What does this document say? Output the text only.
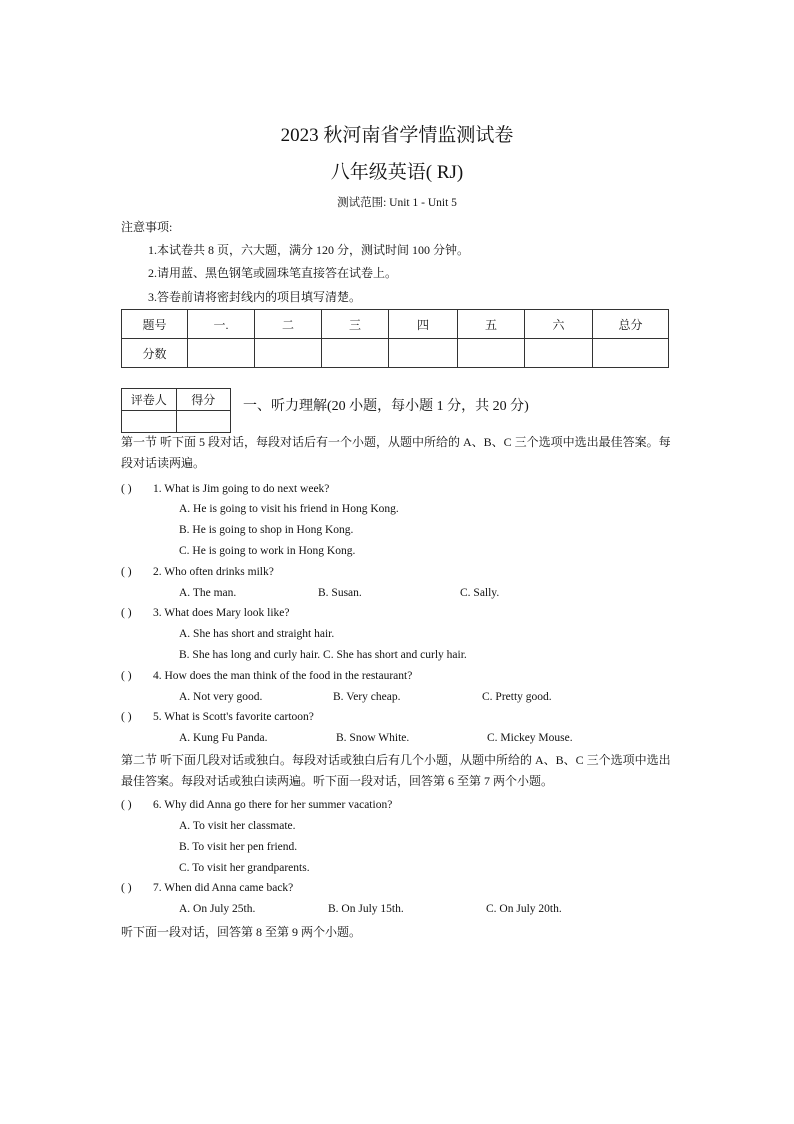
2023 秋河南省学情监测试卷
八年级英语( RJ)
测试范围: Unit 1 - Unit 5
注意事项:
1.本试卷共 8 页，六大题，满分 120 分，测试时间 100 分钟。
2.请用蓝、黑色钢笔或圆珠笔直接答在试卷上。
3.答卷前请将密封线内的项目填写清楚。
题号	一.	二	三	四	五	六	总分
分数							
评卷人	得分
	一、听力理解(20 小题，每小题 1 分，共 20 分)
第一节 听下面 5 段对话，每段对话后有一个小题，从题中所给的 A、B、C 三个选项中选出最佳答案。每段对话读两遍。
( ) 1. What is Jim going to do next week?
A. He is going to visit his friend in Hong Kong.
B. He is going to shop in Hong Kong.
C. He is going to work in Hong Kong.
( ) 2. Who often drinks milk?
A. The man.	B. Susan.	C. Sally.
( ) 3. What does Mary look like?
A. She has short and straight hair.
B. She has long and curly hair. C. She has short and curly hair.
( ) 4. How does the man think of the food in the restaurant?
A. Not very good.	B. Very cheap.	C. Pretty good.
( ) 5. What is Scott's favorite cartoon?
A. Kung Fu Panda.	B. Snow White.	C. Mickey Mouse.
第二节 听下面几段对话或独白。每段对话或独白后有几个小题，从题中所给的 A、B、C 三个选项中选出最佳答案。每段对话或独白读两遍。听下面一段对话，回答第 6 至第 7 两个小题。
( ) 6. Why did Anna go there for her summer vacation?
A. To visit her classmate.
B. To visit her pen friend.
C. To visit her grandparents.
( ) 7. When did Anna came back?
A. On July 25th.	B. On July 15th.	C. On July 20th.
听下面一段对话，回答第 8 至第 9 两个小题。
